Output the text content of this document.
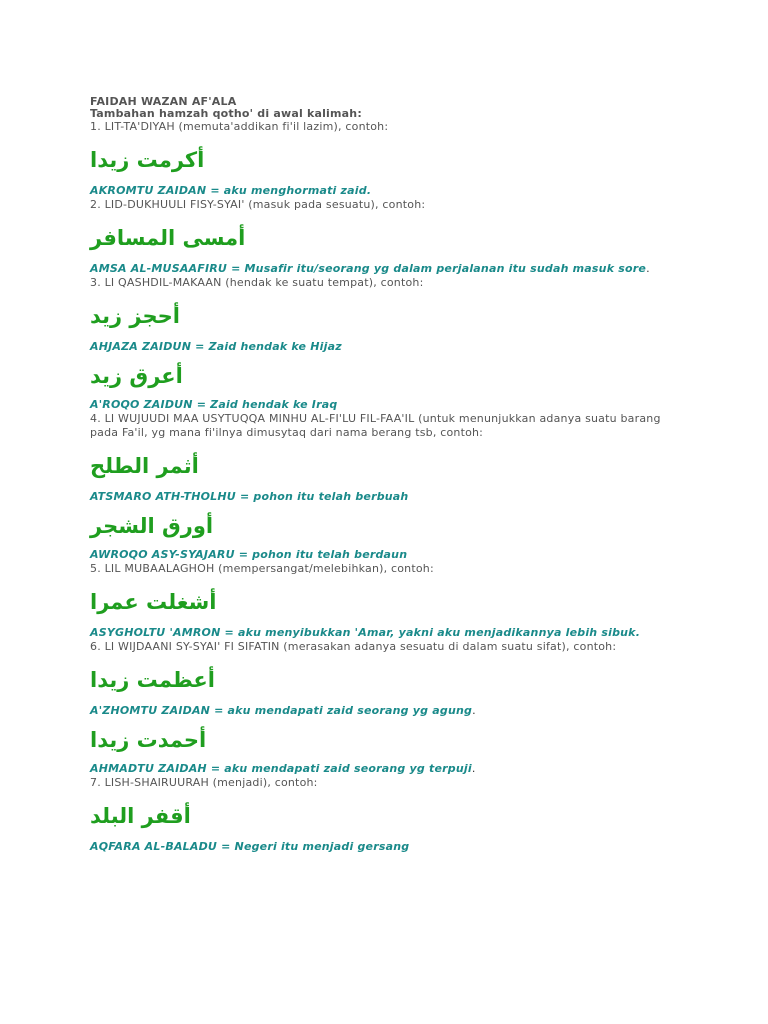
FAIDAH WAZAN AF'ALA
Tambahan hamzah qotho' di awal kalimah:
1. LIT-TA'DIYAH (memuta'addikan fi'il lazim), contoh:
أكرمت زيدا
AKROMTU ZAIDAN = aku menghormati zaid.
2. LID-DUKHUULI FISY-SYAI' (masuk pada sesuatu), contoh:
أمسى المسافر
AMSA AL-MUSAAFIRU = Musafir itu/seorang yg dalam perjalanan itu sudah masuk sore.
3. LI QASHDIL-MAKAAN (hendak ke suatu tempat), contoh:
أحجز زيد
AHJAZA ZAIDUN = Zaid hendak ke Hijaz
أعرق زيد
A'ROQO ZAIDUN = Zaid hendak ke Iraq
4. LI WUJUUDI MAA USYTUQQA MINHU AL-FI'LU FIL-FAA'IL (untuk menunjukkan adanya suatu barang
pada Fa'il, yg mana fi'ilnya dimusytaq dari nama berang tsb, contoh:
أثمر الطلح
ATSMARO ATH-THOLHU = pohon itu telah berbuah
أورق الشجر
AWROQO ASY-SYAJARU = pohon itu telah berdaun
5. LIL MUBAALAGHOH (mempersangat/melebihkan), contoh:
أشغلت عمرا
ASYGHOLTU 'AMRON = aku menyibukkan 'Amar, yakni aku menjadikannya lebih sibuk.
6. LI WIJDAANI SY-SYAI' FI SIFATIN (merasakan adanya sesuatu di dalam suatu sifat), contoh:
أعظمت زيدا
A'ZHOMTU ZAIDAN = aku mendapati zaid seorang yg agung.
أحمدت زيدا
AHMADTU ZAIDAH = aku mendapati zaid seorang yg terpuji.
7. LISH-SHAIRUURAH (menjadi), contoh:
أقفر البلد
AQFARA AL-BALADU = Negeri itu menjadi gersang
